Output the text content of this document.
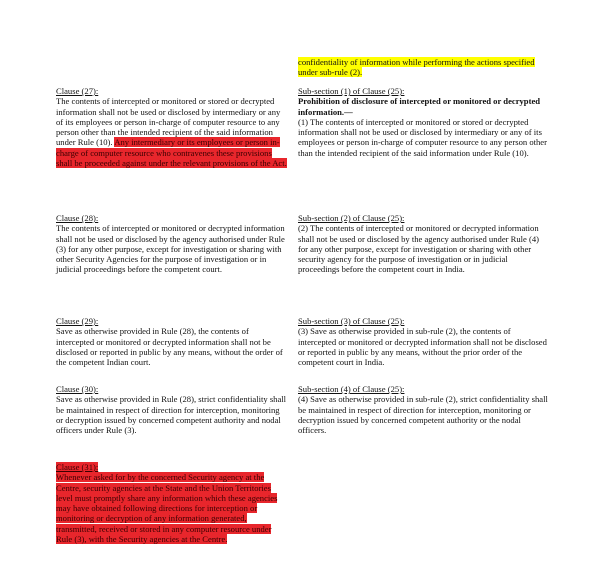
confidentiality of information while performing the actions specified under sub-rule (2).

Clause (27):

The contents of intercepted or monitored or stored or decrypted information shall not be used or disclosed by intermediary or any of its employees or person in-charge of computer resource to any person other than the intended recipient of the said information under Rule (10). Any intermediary or its employees or person in-charge of computer resource who contravenes these provisions shall be proceeded against under the relevant provisions of the Act.

Sub-section (1) of Clause (25):

Prohibition of disclosure of intercepted or monitored or decrypted information.—

(1) The contents of intercepted or monitored or stored or decrypted information shall not be used or disclosed by intermediary or any of its employees or person in-charge of computer resource to any person other than the intended recipient of the said information under Rule (10).

Clause (28):

The contents of intercepted or monitored or decrypted information shall not be used or disclosed by the agency authorised under Rule (3) for any other purpose, except for investigation or sharing with other Security Agencies for the purpose of investigation or in judicial proceedings before the competent court.

Sub-section (2) of Clause (25):

(2) The contents of intercepted or monitored or decrypted information shall not be used or disclosed by the agency authorised under Rule (4) for any other purpose, except for investigation or sharing with other security agency for the purpose of investigation or in judicial proceedings before the competent court in India.

Clause (29):

Save as otherwise provided in Rule (28), the contents of intercepted or monitored or decrypted information shall not be disclosed or reported in public by any means, without the order of the competent Indian court.

Sub-section (3) of Clause (25):

(3) Save as otherwise provided in sub-rule (2), the contents of intercepted or monitored or decrypted information shall not be disclosed or reported in public by any means, without the prior order of the competent court in India.

Clause (30):

Save as otherwise provided in Rule (28), strict confidentiality shall be maintained in respect of direction for interception, monitoring or decryption issued by concerned competent authority and nodal officers under Rule (3).

Sub-section (4) of Clause (25):

(4) Save as otherwise provided in sub-rule (2), strict confidentiality shall be maintained in respect of direction for interception, monitoring or decryption issued by concerned competent authority or the nodal officers.

Clause (31):

Whenever asked for by the concerned Security agency at the Centre, security agencies at the State and the Union Territories level must promptly share any information which these agencies may have obtained following directions for interception or monitoring or decryption of any information generated, transmitted, received or stored in any computer resource under Rule (3), with the Security agencies at the Centre.
